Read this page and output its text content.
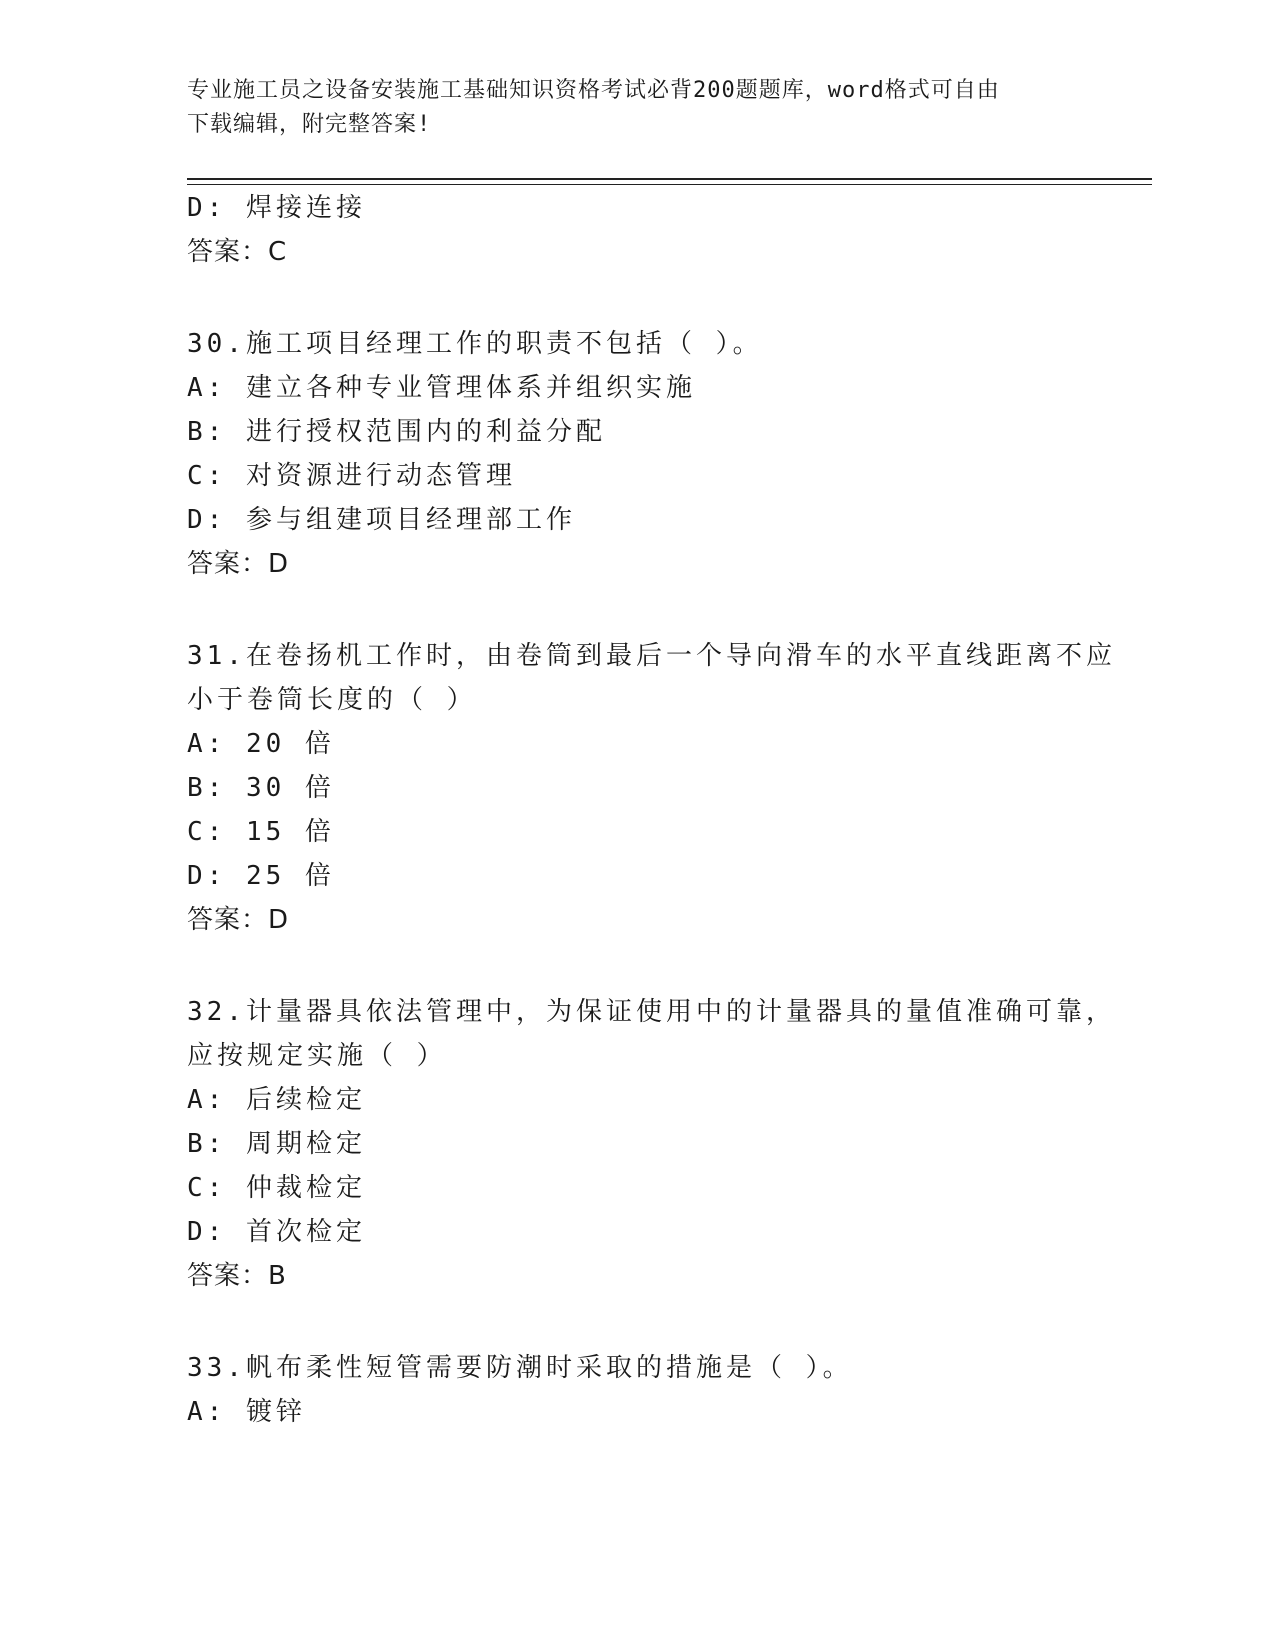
专业施工员之设备安装施工基础知识资格考试必背200题题库，word格式可自由
下载编辑，附完整答案!
D: 焊接连接
答案：C
30.施工项目经理工作的职责不包括（ ）。
A: 建立各种专业管理体系并组织实施
B: 进行授权范围内的利益分配
C: 对资源进行动态管理
D: 参与组建项目经理部工作
答案：D
31.在卷扬机工作时，由卷筒到最后一个导向滑车的水平直线距离不应
小于卷筒长度的（ ）
A: 20 倍
B: 30 倍
C: 15 倍
D: 25 倍
答案：D
32.计量器具依法管理中，为保证使用中的计量器具的量值准确可靠，
应按规定实施（ ）
A: 后续检定
B: 周期检定
C: 仲裁检定
D: 首次检定
答案：B
33.帆布柔性短管需要防潮时采取的措施是（ ）。
A: 镀锌
